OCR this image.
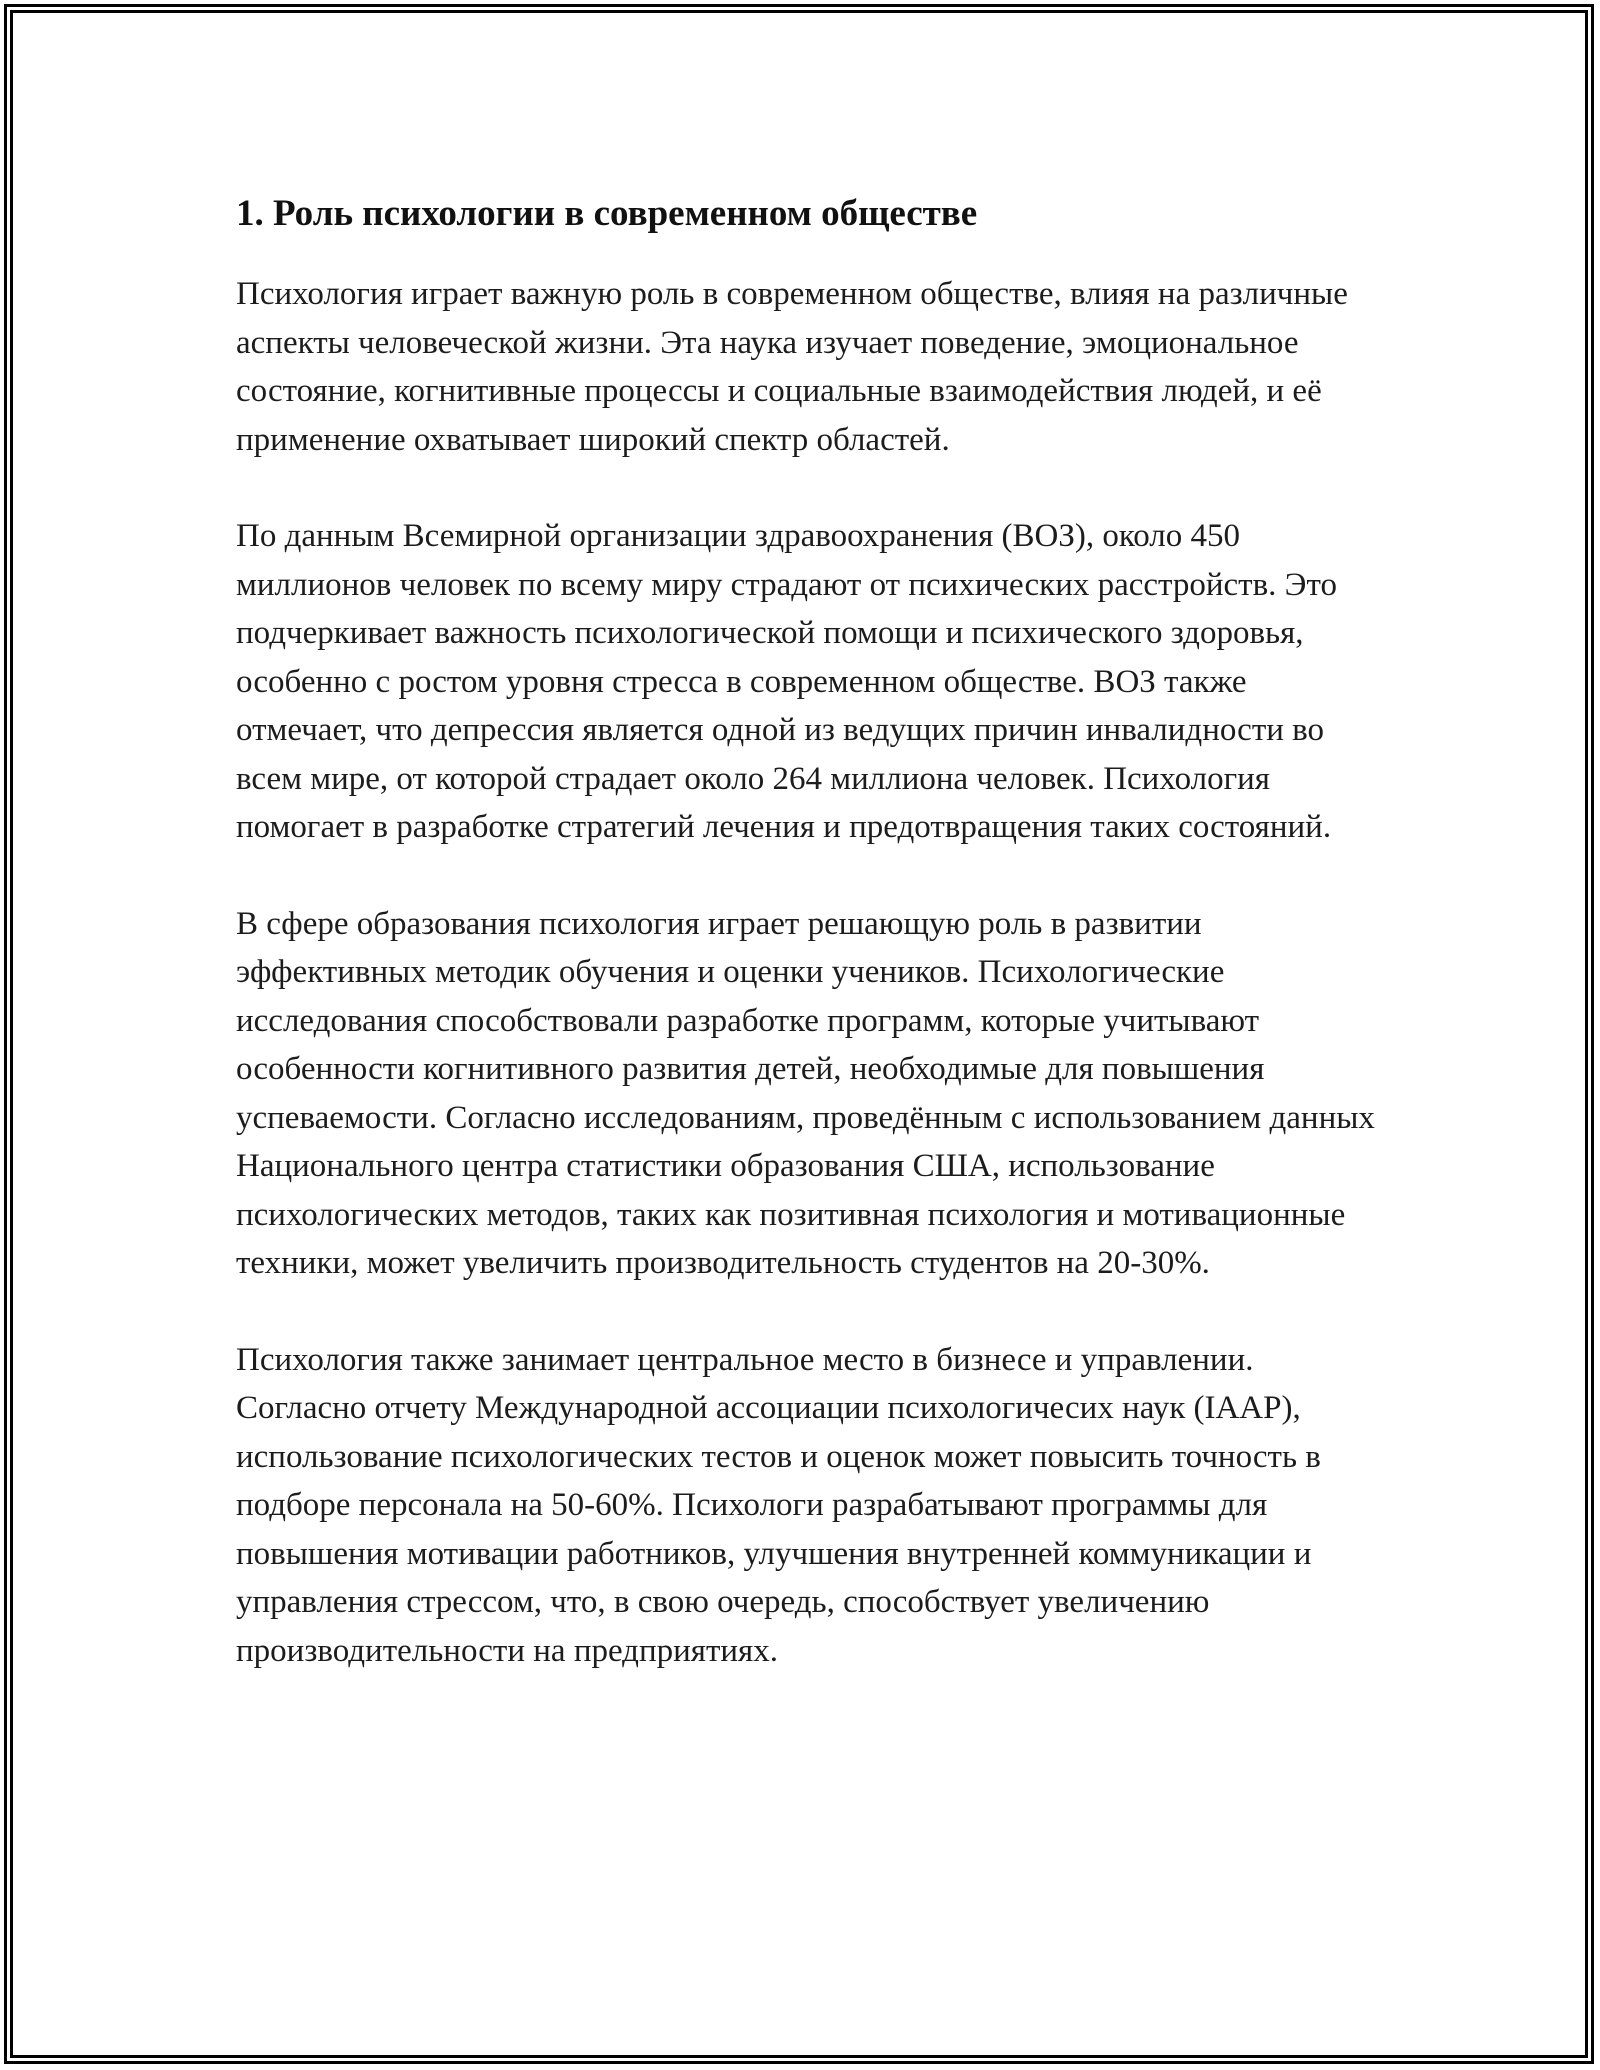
1. Роль психологии в современном обществе

Психология играет важную роль в современном обществе, влияя на различные аспекты человеческой жизни. Эта наука изучает поведение, эмоциональное состояние, когнитивные процессы и социальные взаимодействия людей, и её применение охватывает широкий спектр областей.

По данным Всемирной организации здравоохранения (ВОЗ), около 450 миллионов человек по всему миру страдают от психических расстройств. Это подчеркивает важность психологической помощи и психического здоровья, особенно с ростом уровня стресса в современном обществе. ВОЗ также отмечает, что депрессия является одной из ведущих причин инвалидности во всем мире, от которой страдает около 264 миллиона человек. Психология помогает в разработке стратегий лечения и предотвращения таких состояний.

В сфере образования психология играет решающую роль в развитии эффективных методик обучения и оценки учеников. Психологические исследования способствовали разработке программ, которые учитывают особенности когнитивного развития детей, необходимые для повышения успеваемости. Согласно исследованиям, проведённым с использованием данных Национального центра статистики образования США, использование психологических методов, таких как позитивная психология и мотивационные техники, может увеличить производительность студентов на 20-30%.

Психология также занимает центральное место в бизнесе и управлении. Согласно отчету Международной ассоциации психологичесих наук (IAAP), использование психологических тестов и оценок может повысить точность в подборе персонала на 50-60%. Психологи разрабатывают программы для повышения мотивации работников, улучшения внутренней коммуникации и управления стрессом, что, в свою очередь, способствует увеличению производительности на предприятиях.
